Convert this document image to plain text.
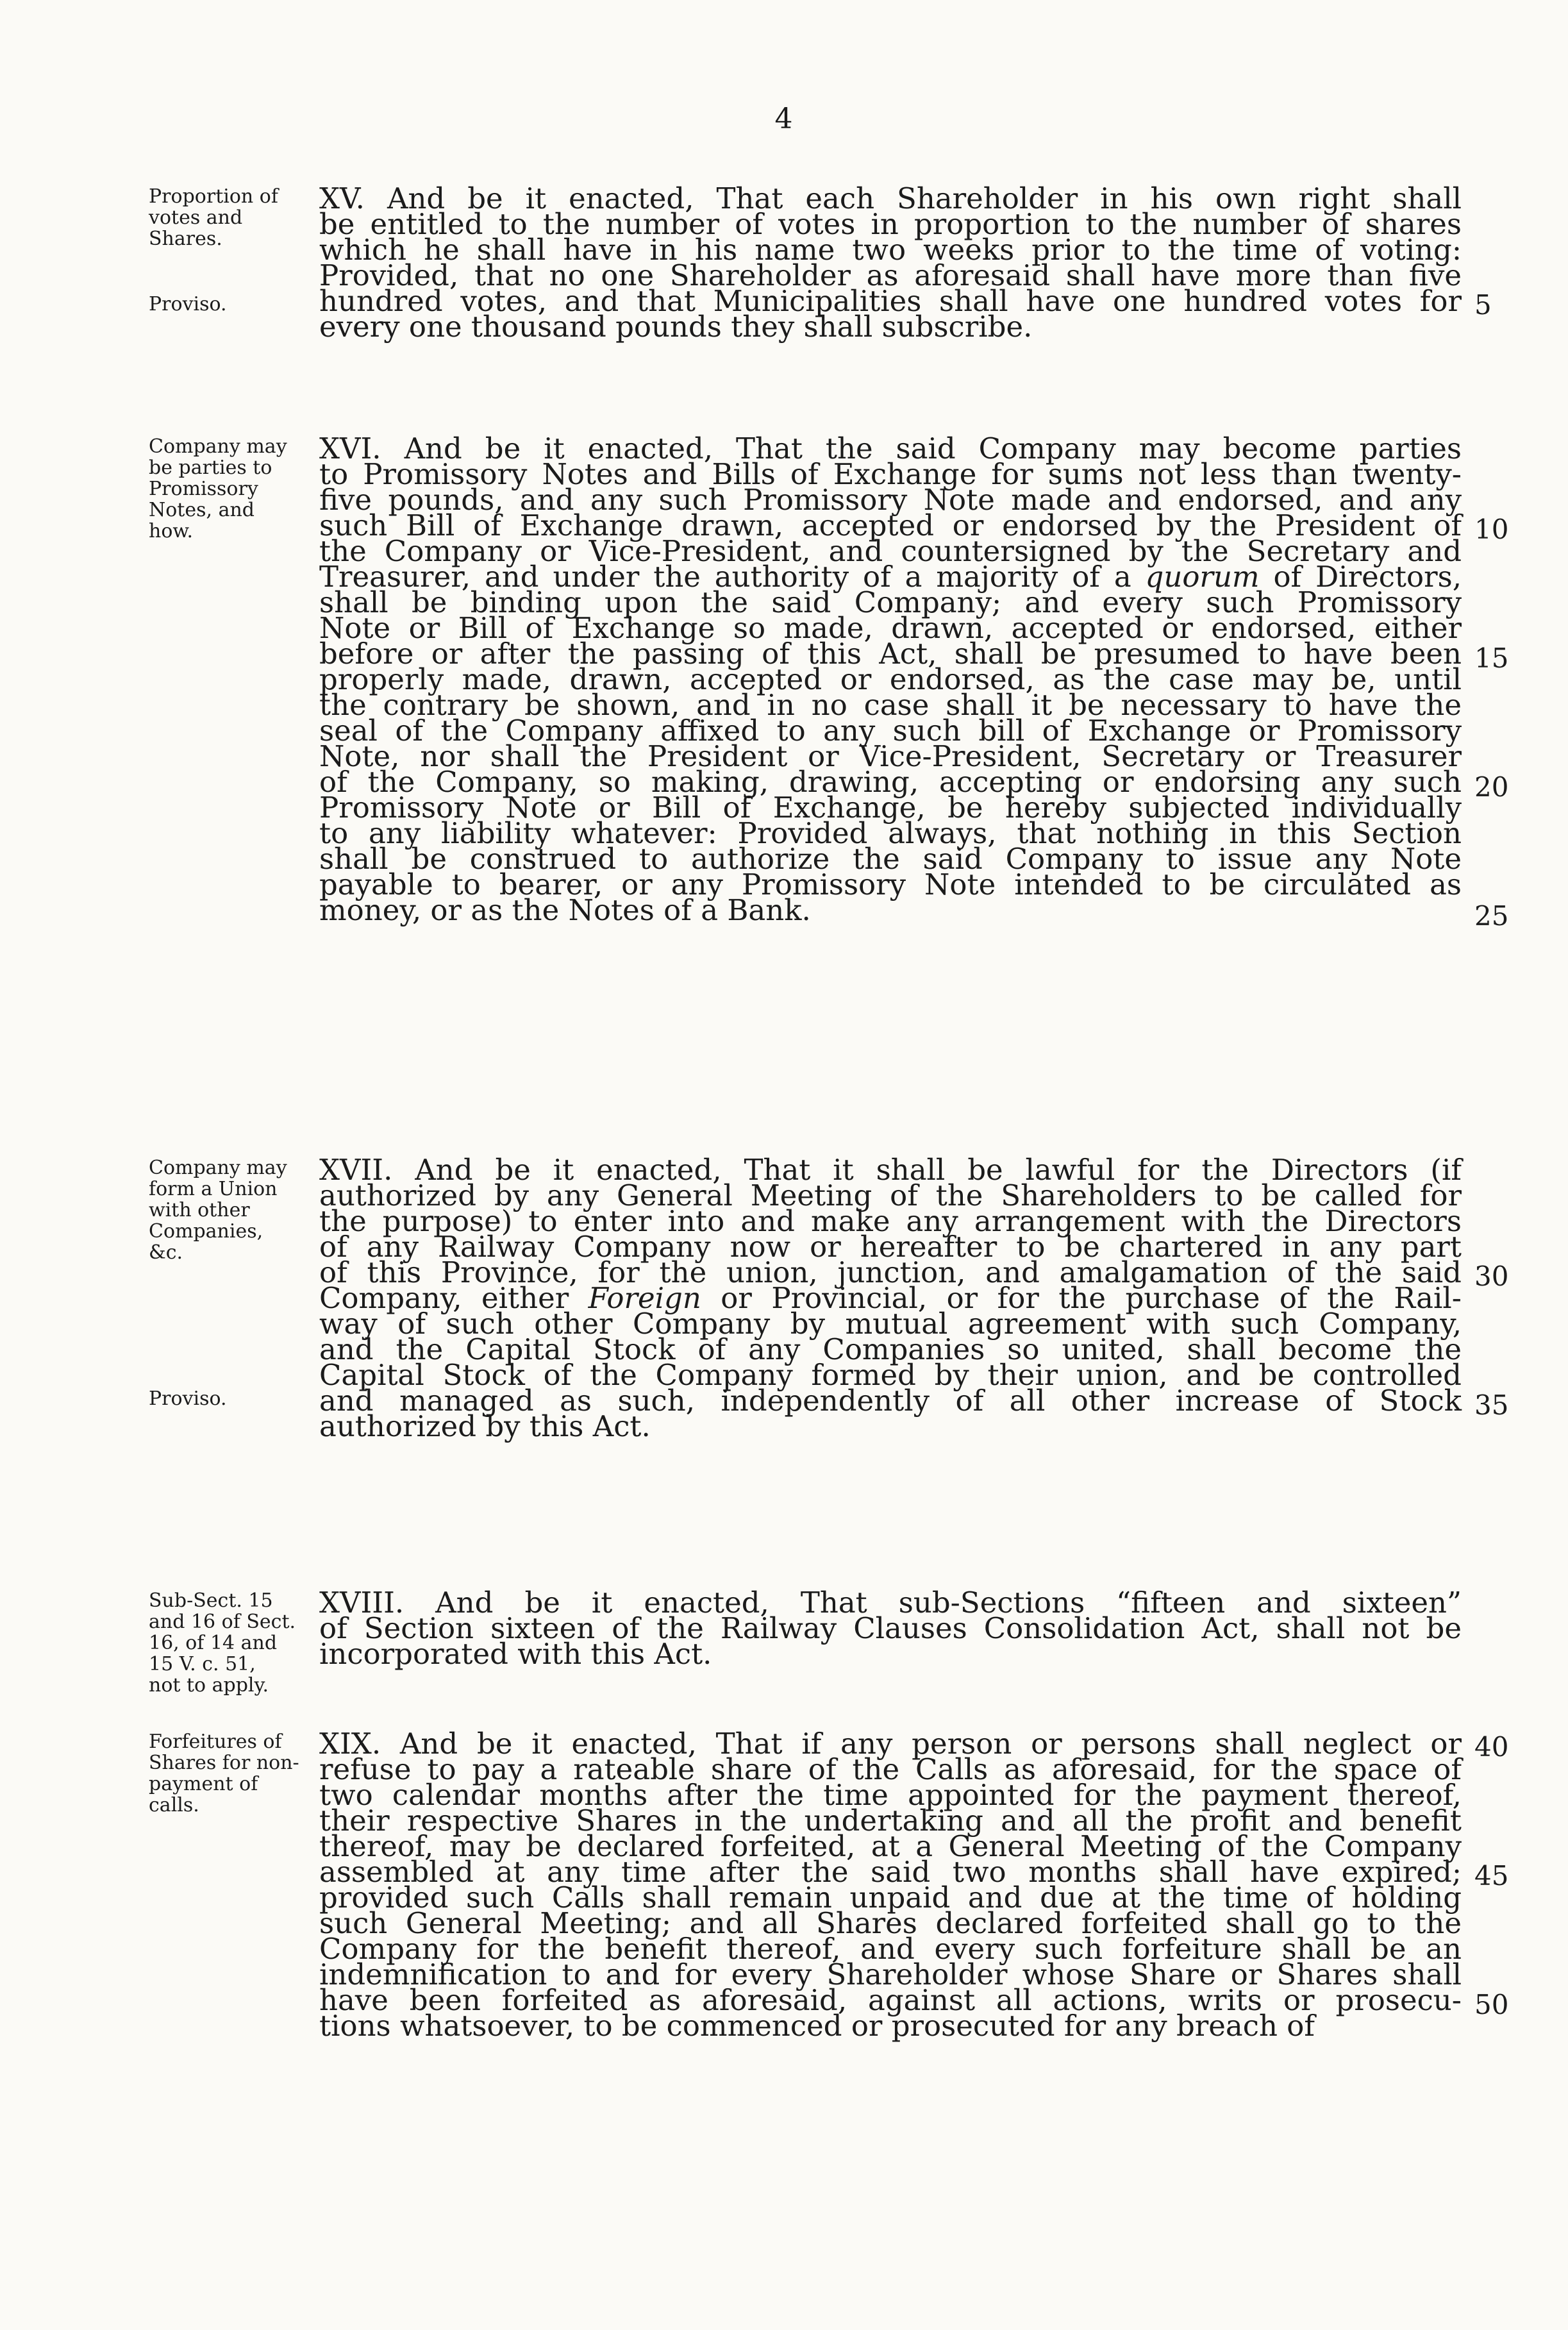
4
Proportion of
votes and
Shares.
Proviso.
XV. And be it enacted, That each Shareholder in his own right shall
be entitled to the number of votes in proportion to the number of shares
which he shall have in his name two weeks prior to the time of voting:
Provided, that no one Shareholder as aforesaid shall have more than five
hundred votes, and that Municipalities shall have one hundred votes for
every one thousand pounds they shall subscribe.
5
Company may
be parties to
Promissory
Notes, and
how.
Proviso.
XVI. And be it enacted, That the said Company may become parties
to Promissory Notes and Bills of Exchange for sums not less than twenty-
five pounds, and any such Promissory Note made and endorsed, and any
such Bill of Exchange drawn, accepted or endorsed by the President of
the Company or Vice-President, and countersigned by the Secretary and
Treasurer, and under the authority of a majority of a quorum of Directors,
shall be binding upon the said Company; and every such Promissory
Note or Bill of Exchange so made, drawn, accepted or endorsed, either
before or after the passing of this Act, shall be presumed to have been
properly made, drawn, accepted or endorsed, as the case may be, until
the contrary be shown, and in no case shall it be necessary to have the
seal of the Company affixed to any such bill of Exchange or Promissory
Note, nor shall the President or Vice-President, Secretary or Treasurer
of the Company, so making, drawing, accepting or endorsing any such
Promissory Note or Bill of Exchange, be hereby subjected individually
to any liability whatever: Provided always, that nothing in this Section
shall be construed to authorize the said Company to issue any Note
payable to bearer, or any Promissory Note intended to be circulated as
money, or as the Notes of a Bank.
10
15
20
25
Company may
form a Union
with other
Companies,
&c.
XVII. And be it enacted, That it shall be lawful for the Directors (if
authorized by any General Meeting of the Shareholders to be called for
the purpose) to enter into and make any arrangement with the Directors
of any Railway Company now or hereafter to be chartered in any part
of this Province, for the union, junction, and amalgamation of the said
Company, either Foreign or Provincial, or for the purchase of the Rail-
way of such other Company by mutual agreement with such Company,
and the Capital Stock of any Companies so united, shall become the
Capital Stock of the Company formed by their union, and be controlled
and managed as such, independently of all other increase of Stock
authorized by this Act.
30
35
Sub-Sect. 15
and 16 of Sect.
16, of 14 and
15 V. c. 51,
not to apply.
XVIII. And be it enacted, That sub-Sections “fifteen and sixteen”
of Section sixteen of the Railway Clauses Consolidation Act, shall not be
incorporated with this Act.
Forfeitures of
Shares for non-
payment of
calls.
XIX. And be it enacted, That if any person or persons shall neglect or
refuse to pay a rateable share of the Calls as aforesaid, for the space of
two calendar months after the time appointed for the payment thereof,
their respective Shares in the undertaking and all the profit and benefit
thereof, may be declared forfeited, at a General Meeting of the Company
assembled at any time after the said two months shall have expired;
provided such Calls shall remain unpaid and due at the time of holding
such General Meeting; and all Shares declared forfeited shall go to the
Company for the benefit thereof, and every such forfeiture shall be an
indemnification to and for every Shareholder whose Share or Shares shall
have been forfeited as aforesaid, against all actions, writs or prosecu-
tions whatsoever, to be commenced or prosecuted for any breach of
40
45
50
